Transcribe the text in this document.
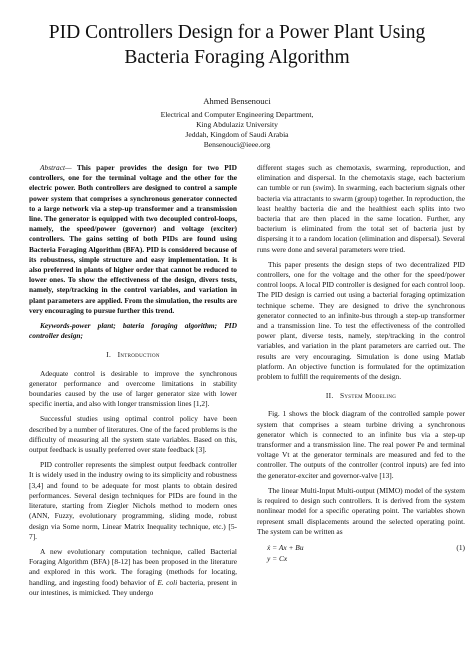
PID Controllers Design for a Power Plant Using
Bacteria Foraging Algorithm
Ahmed Bensenouci
Electrical and Computer Engineering Department,
King Abdulaziz University
Jeddah, Kingdom of Saudi Arabia
Bensenouci@ieee.org

Abstract— This paper provides the design for two PID controllers, one for the terminal voltage and the other for the electric power. Both controllers are designed to control a sample power system that comprises a synchronous generator connected to a large network via a step-up transformer and a transmission line. The generator is equipped with two decoupled control-loops, namely, the speed/power (governor) and voltage (exciter) controllers. The gains setting of both PIDs are found using Bacteria Foraging Algorithm (BFA). PID is considered because of its robustness, simple structure and easy implementation. It is also preferred in plants of higher order that cannot be reduced to lower ones. To show the effectiveness of the design, divers tests, namely, step/tracking in the control variables, and variation in plant parameters are applied. From the simulation, the results are very encouraging to pursue further this trend.

Keywords-power plant; bateria foraging algorithm; PID controller design;

I. Introduction

Adequate control is desirable to improve the synchronous generator performance and overcome limitations in stability boundaries caused by the use of larger generator size with lower specific inertia, and also with longer transmission lines [1,2].

Successful studies using optimal control policy have been described by a number of literatures. One of the faced problems is the difficulty of measuring all the system state variables. Based on this, output feedback is usually preferred over state feedback [3].

PID controller represents the simplest output feedback controller It is widely used in the industry owing to its simplicity and robustness [3,4] and found to be adequate for most plants to obtain desired performances. Several design techniques for PIDs are found in the literature, starting from Ziegler Nichols method to modern ones (ANN, Fuzzy, evolutionary programming, sliding mode, robust design via Some norm, Linear Matrix Inequality technique, etc.) [5-7].

A new evolutionary computation technique, called Bacterial Foraging Algorithm (BFA) [8-12] has been proposed in the literature and explored in this work. The foraging (methods for locating, handling, and ingesting food) behavior of E. coli bacteria, present in our intestines, is mimicked. They undergo

different stages such as chemotaxis, swarming, reproduction, and elimination and dispersal. In the chemotaxis stage, each bacterium can tumble or run (swim). In swarming, each bacterium signals other bacteria via attractants to swarm (group) together. In reproduction, the least healthy bacteria die and the healthiest each splits into two bacteria that are then placed in the same location. Further, any bacterium is eliminated from the total set of bacteria just by dispersing it to a random location (elimination and dispersal). Several runs were done and several parameters were tried.

This paper presents the design steps of two decentralized PID controllers, one for the voltage and the other for the speed/power control loops. A local PID controller is designed for each control loop. The PID design is carried out using a bacterial foraging optimization technique scheme. They are designed to drive the synchronous generator connected to an infinite-bus through a step-up transformer and a transmission line. To test the effectiveness of the controlled power plant, diverse tests, namely, step/tracking in the control variables, and variation in the plant parameters are carried out. The results are very encouraging. Simulation is done using Matlab platform. An objective function is formulated for the optimization problem to fulfill the requirements of the design.

II. System Modeling

Fig. 1 shows the block diagram of the controlled sample power system that comprises a steam turbine driving a synchronous generator which is connected to an infinite bus via a step-up transformer and a transmission line. The real power Pe and terminal voltage Vt at the generator terminals are measured and fed to the controller. The outputs of the controller (control inputs) are fed into the generator-exciter and governor-valve [13].

The linear Multi-Input Multi-output (MIMO) model of the system is required to design such controllers. It is derived from the system nonlinear model for a specific operating point. The variables shown represent small displacements around the selected operating point. The system can be written as

ẋ = Ax + Bu	(1)
y = Cx
